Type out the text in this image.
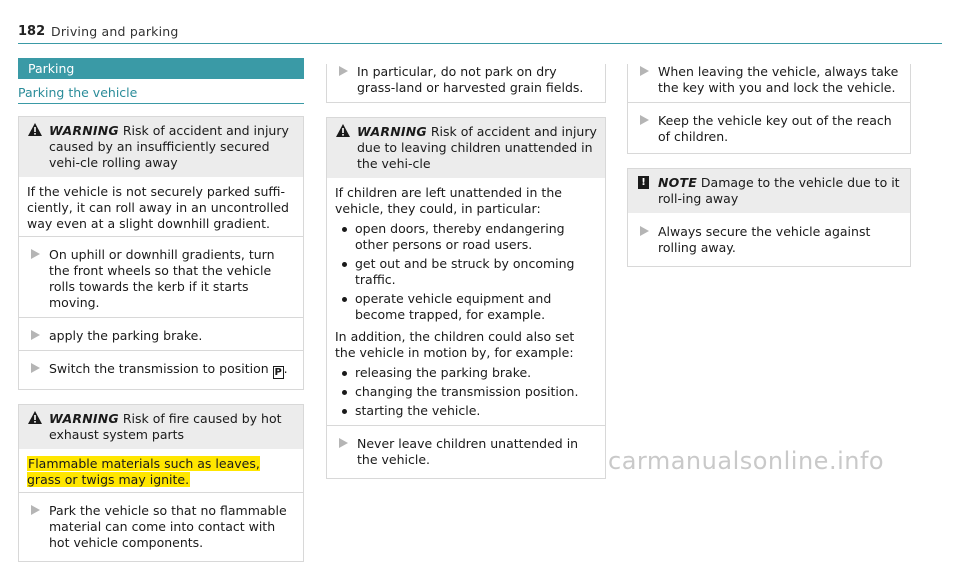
182 Driving and parking
Parking
Parking the vehicle
WARNING Risk of accident and injury caused by an insufficiently secured vehi-cle rolling away

If the vehicle is not securely parked suffi-ciently, it can roll away in an uncontrolled way even at a slight downhill gradient.

On uphill or downhill gradients, turn the front wheels so that the vehicle rolls towards the kerb if it starts moving.
apply the parking brake.
Switch the transmission to position P .
WARNING Risk of fire caused by hot exhaust system parts

Flammable materials such as leaves, grass or twigs may ignite.

Park the vehicle so that no flammable material can come into contact with hot vehicle components.
In particular, do not park on dry grass-land or harvested grain fields.
WARNING Risk of accident and injury due to leaving children unattended in the vehi-cle

If children are left unattended in the vehicle, they could, in particular:

open doors, thereby endangering other persons or road users.
get out and be struck by oncoming traffic.
operate vehicle equipment and become trapped, for example.

In addition, the children could also set the vehicle in motion by, for example:

releasing the parking brake.
changing the transmission position.
starting the vehicle.
Never leave children unattended in the vehicle.
When leaving the vehicle, always take the key with you and lock the vehicle.
Keep the vehicle key out of the reach of children.
! NOTE Damage to the vehicle due to it roll-ing away
Always secure the vehicle against rolling away.
carmanualsonline.info
